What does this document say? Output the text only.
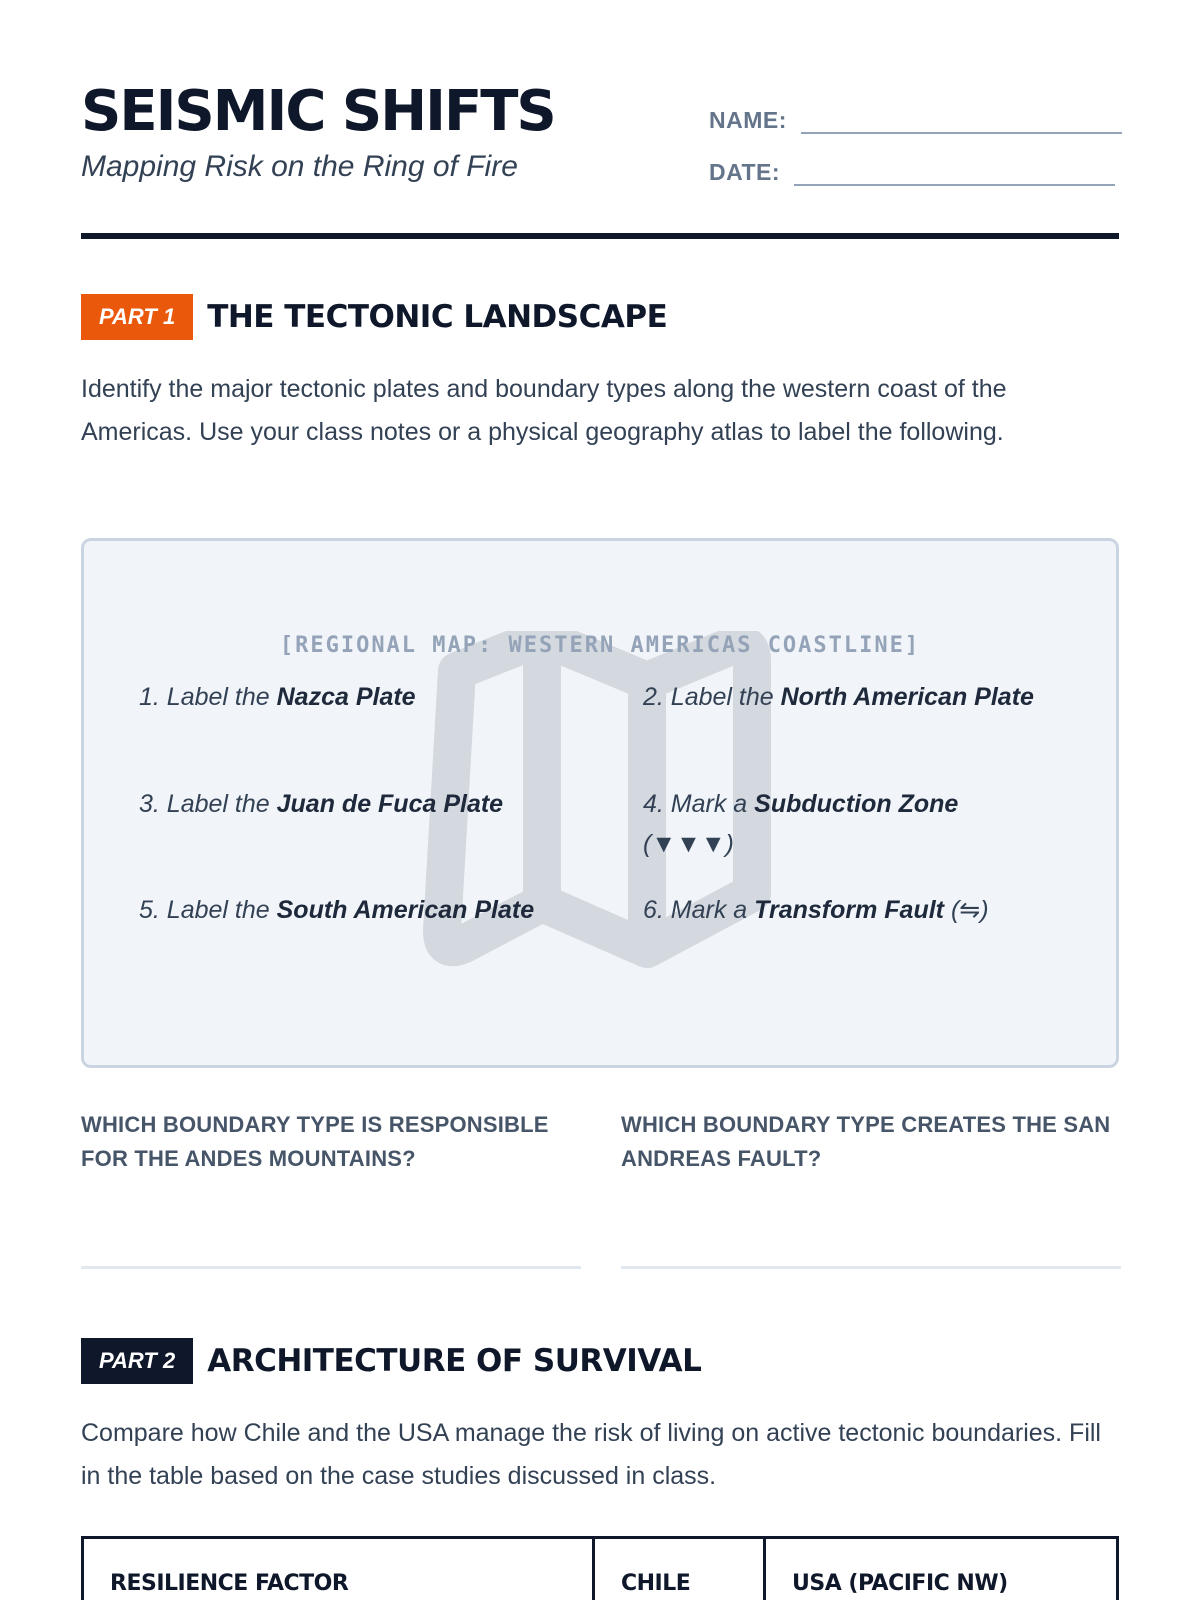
SEISMIC SHIFTS
Mapping Risk on the Ring of Fire
NAME:
DATE:
PART 1	THE TECTONIC LANDSCAPE

Identify the major tectonic plates and boundary types along the western coast of the Americas. Use your class notes or a physical geography atlas to label the following.

[REGIONAL MAP: WESTERN AMERICAS COASTLINE]
1. Label the Nazca Plate	2. Label the North American Plate
3. Label the Juan de Fuca Plate	4. Mark a Subduction Zone (▼▼▼)
5. Label the South American Plate	6. Mark a Transform Fault (⇋)

WHICH BOUNDARY TYPE IS RESPONSIBLE FOR THE ANDES MOUNTAINS?

WHICH BOUNDARY TYPE CREATES THE SAN ANDREAS FAULT?

PART 2	ARCHITECTURE OF SURVIVAL

Compare how Chile and the USA manage the risk of living on active tectonic boundaries. Fill in the table based on the case studies discussed in class.

RESILIENCE FACTOR	CHILE	USA (PACIFIC NW)
